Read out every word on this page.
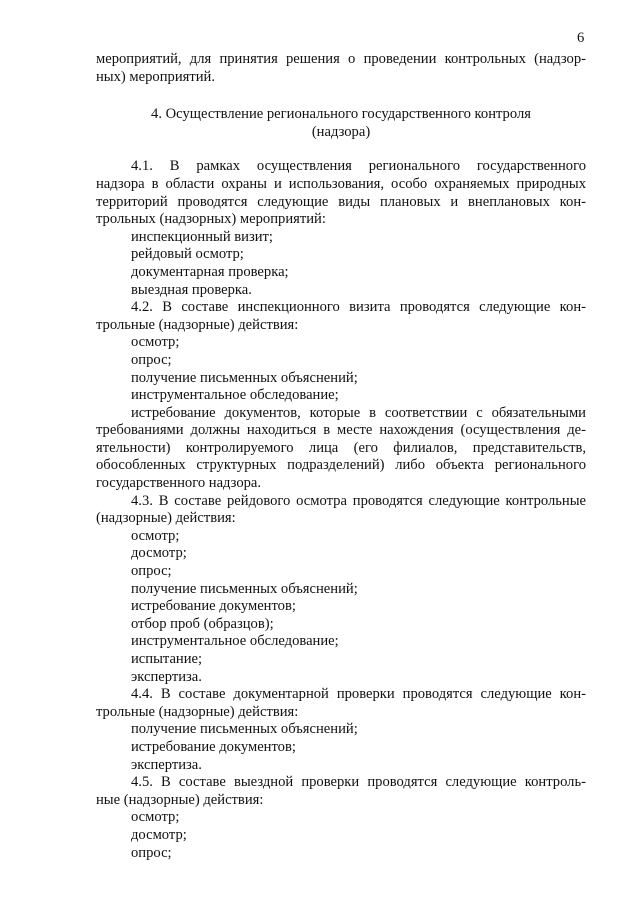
6
мероприятий, для принятия решения о проведении контрольных (надзор-
ных) мероприятий.
4. Осуществление регионального государственного контроля
(надзора)
4.1. В рамках осуществления регионального государственного
надзора в области охраны и использования, особо охраняемых природных
территорий проводятся следующие виды плановых и внеплановых кон-
трольных (надзорных) мероприятий:
инспекционный визит;
рейдовый осмотр;
документарная проверка;
выездная проверка.
4.2. В составе инспекционного визита проводятся следующие кон-
трольные (надзорные) действия:
осмотр;
опрос;
получение письменных объяснений;
инструментальное обследование;
истребование документов, которые в соответствии с обязательными
требованиями должны находиться в месте нахождения (осуществления де-
ятельности) контролируемого лица (его филиалов, представительств,
обособленных структурных подразделений) либо объекта регионального
государственного надзора.
4.3. В составе рейдового осмотра проводятся следующие контрольные
(надзорные) действия:
осмотр;
досмотр;
опрос;
получение письменных объяснений;
истребование документов;
отбор проб (образцов);
инструментальное обследование;
испытание;
экспертиза.
4.4. В составе документарной проверки проводятся следующие кон-
трольные (надзорные) действия:
получение письменных объяснений;
истребование документов;
экспертиза.
4.5. В составе выездной проверки проводятся следующие контроль-
ные (надзорные) действия:
осмотр;
досмотр;
опрос;
